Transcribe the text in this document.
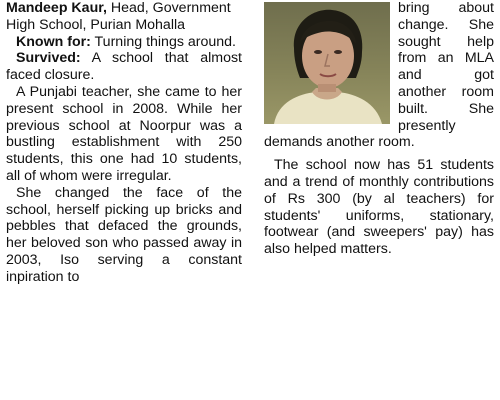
Mandeep Kaur, Head, Government High School, Purian Mohalla

Known for: Turning things around.

Survived: A school that almost faced closure.

A Punjabi teacher, she came to her present school in 2008. While her previous school at Noorpur was a bustling establishment with 250 students, this one had 10 students, all of whom were irregular.

She changed the face of the school, herself picking up bricks and pebbles that defaced the grounds, her beloved son who passed away in 2003, Iso serving a constant inpiration to

bring about change. She sought help from an MLA and got another room built. She presently demands another room.

The school now has 51 students and a trend of monthly contributions of Rs 300 (by al teachers) for students' uniforms, stationary, footwear (and sweepers' pay) has also helped matters.
